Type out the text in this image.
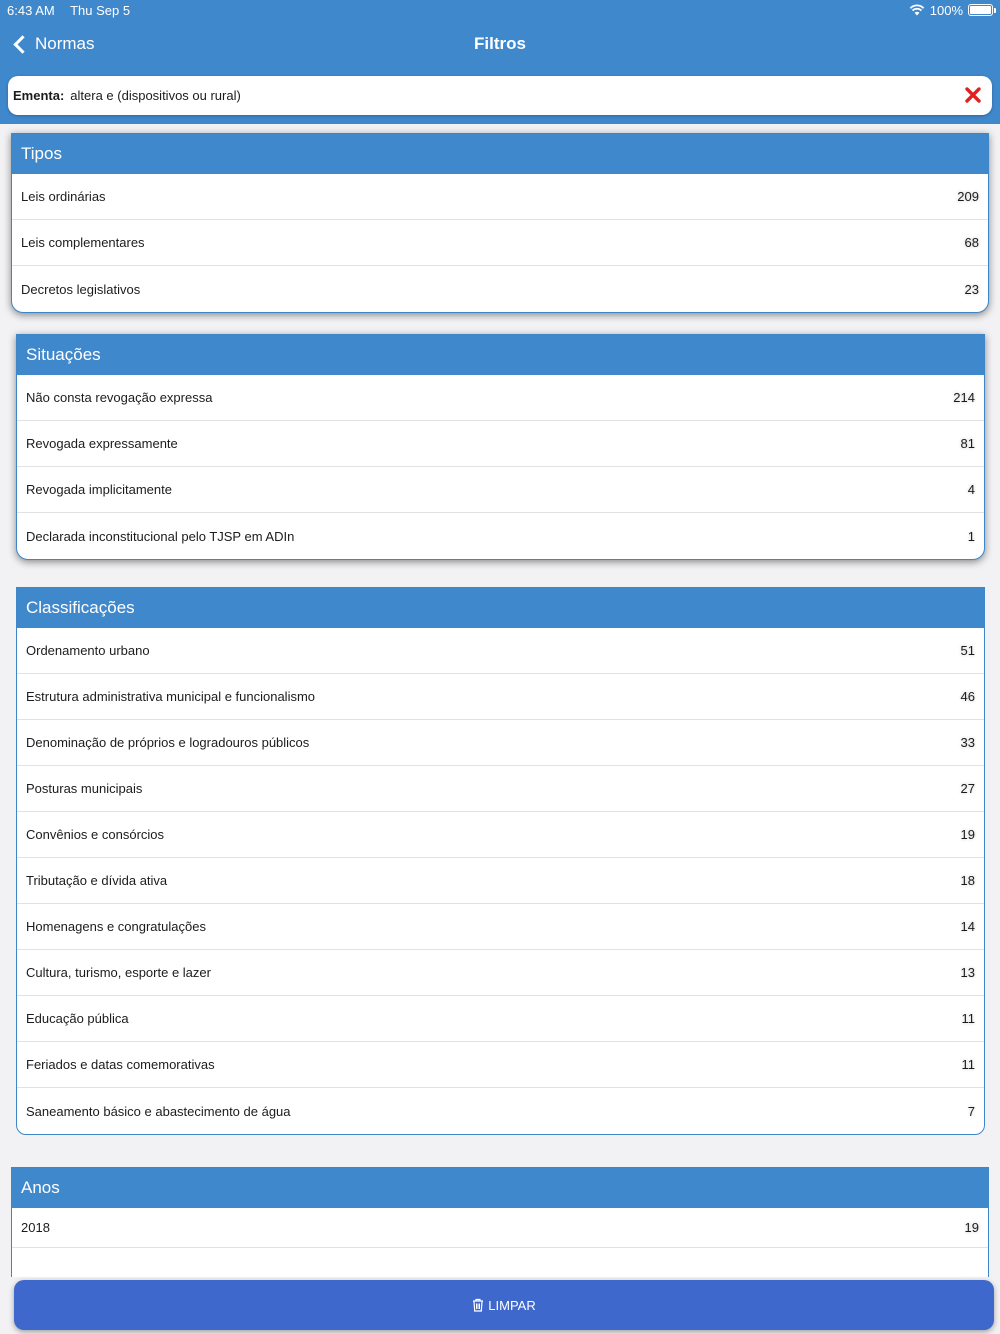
6:43 AM Thu Sep 5	100%
Normas	Filtros
Ementa: altera e (dispositivos ou rural)
Tipos
Leis ordinárias	209
Leis complementares	68
Decretos legislativos	23
Situações
Não consta revogação expressa	214
Revogada expressamente	81
Revogada implicitamente	4
Declarada inconstitucional pelo TJSP em ADIn	1
Classificações
Ordenamento urbano	51
Estrutura administrativa municipal e funcionalismo	46
Denominação de próprios e logradouros públicos	33
Posturas municipais	27
Convênios e consórcios	19
Tributação e dívida ativa	18
Homenagens e congratulações	14
Cultura, turismo, esporte e lazer	13
Educação pública	11
Feriados e datas comemorativas	11
Saneamento básico e abastecimento de água	7
Anos
2018	19
LIMPAR
